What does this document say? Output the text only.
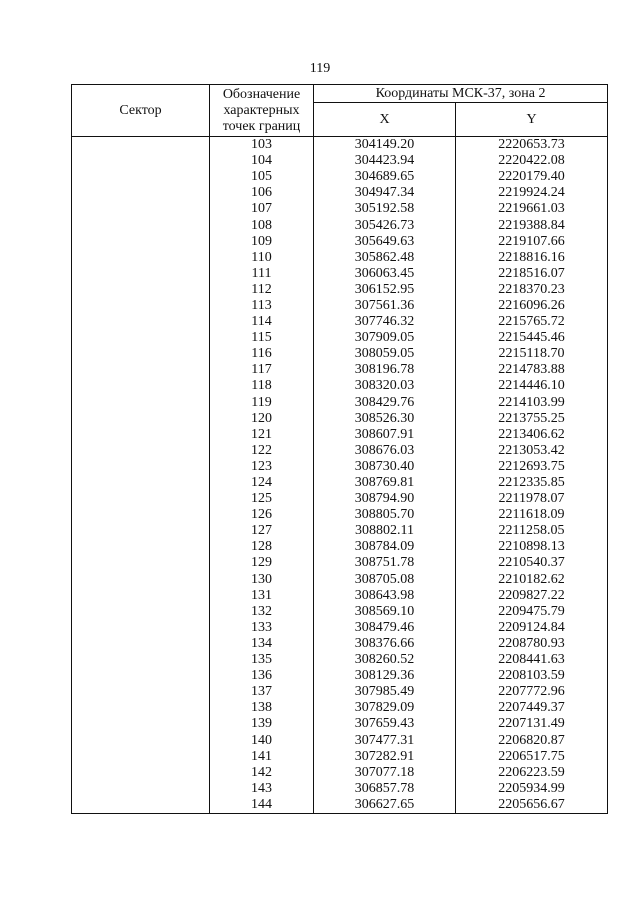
119
Сектор	Обозначение
характерных
точек границ	Координаты МСК-37, зона 2	
		X	Y
	103	304149.20	2220653.73
	104	304423.94	2220422.08
	105	304689.65	2220179.40
	106	304947.34	2219924.24
	107	305192.58	2219661.03
	108	305426.73	2219388.84
	109	305649.63	2219107.66
	110	305862.48	2218816.16
	111	306063.45	2218516.07
	112	306152.95	2218370.23
	113	307561.36	2216096.26
	114	307746.32	2215765.72
	115	307909.05	2215445.46
	116	308059.05	2215118.70
	117	308196.78	2214783.88
	118	308320.03	2214446.10
	119	308429.76	2214103.99
	120	308526.30	2213755.25
	121	308607.91	2213406.62
	122	308676.03	2213053.42
	123	308730.40	2212693.75
	124	308769.81	2212335.85
	125	308794.90	2211978.07
	126	308805.70	2211618.09
	127	308802.11	2211258.05
	128	308784.09	2210898.13
	129	308751.78	2210540.37
	130	308705.08	2210182.62
	131	308643.98	2209827.22
	132	308569.10	2209475.79
	133	308479.46	2209124.84
	134	308376.66	2208780.93
	135	308260.52	2208441.63
	136	308129.36	2208103.59
	137	307985.49	2207772.96
	138	307829.09	2207449.37
	139	307659.43	2207131.49
	140	307477.31	2206820.87
	141	307282.91	2206517.75
	142	307077.18	2206223.59
	143	306857.78	2205934.99
	144	306627.65	2205656.67
